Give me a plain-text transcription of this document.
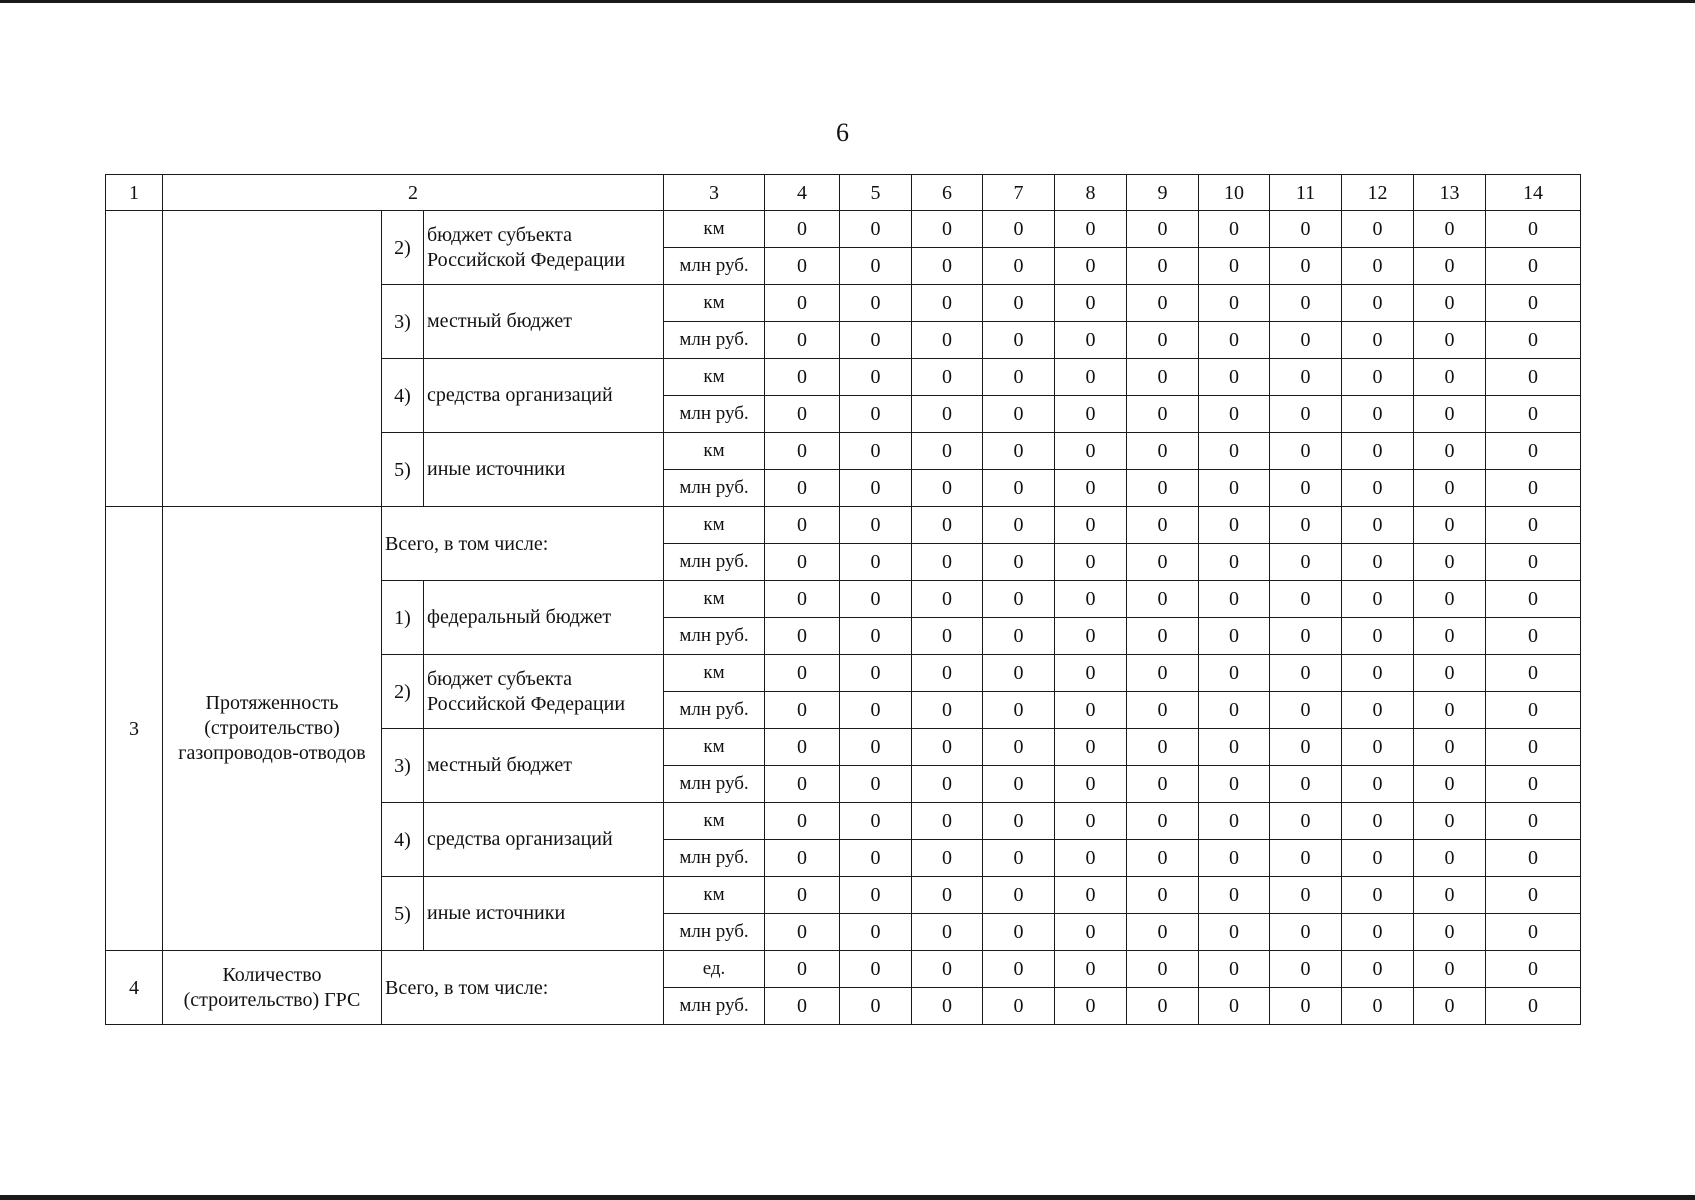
6
1	2			3	4	5	6	7	8	9	10	11	12	13	14
		2)	бюджет субъекта Российской Федерации	км	0	0	0	0	0	0	0	0	0	0	0
				млн руб.	0	0	0	0	0	0	0	0	0	0	0
		3)	местный бюджет	км	0	0	0	0	0	0	0	0	0	0	0
				млн руб.	0	0	0	0	0	0	0	0	0	0	0
		4)	средства организаций	км	0	0	0	0	0	0	0	0	0	0	0
				млн руб.	0	0	0	0	0	0	0	0	0	0	0
		5)	иные источники	км	0	0	0	0	0	0	0	0	0	0	0
				млн руб.	0	0	0	0	0	0	0	0	0	0	0
3	Протяженность (строительство) газопроводов-отводов	Всего, в том числе:		км	0	0	0	0	0	0	0	0	0	0	0
				млн руб.	0	0	0	0	0	0	0	0	0	0	0
		1)	федеральный бюджет	км	0	0	0	0	0	0	0	0	0	0	0
				млн руб.	0	0	0	0	0	0	0	0	0	0	0
		2)	бюджет субъекта Российской Федерации	км	0	0	0	0	0	0	0	0	0	0	0
				млн руб.	0	0	0	0	0	0	0	0	0	0	0
		3)	местный бюджет	км	0	0	0	0	0	0	0	0	0	0	0
				млн руб.	0	0	0	0	0	0	0	0	0	0	0
		4)	средства организаций	км	0	0	0	0	0	0	0	0	0	0	0
				млн руб.	0	0	0	0	0	0	0	0	0	0	0
		5)	иные источники	км	0	0	0	0	0	0	0	0	0	0	0
				млн руб.	0	0	0	0	0	0	0	0	0	0	0
4	Количество (строительство) ГРС	Всего, в том числе:		ед.	0	0	0	0	0	0	0	0	0	0	0
				млн руб.	0	0	0	0	0	0	0	0	0	0	0
